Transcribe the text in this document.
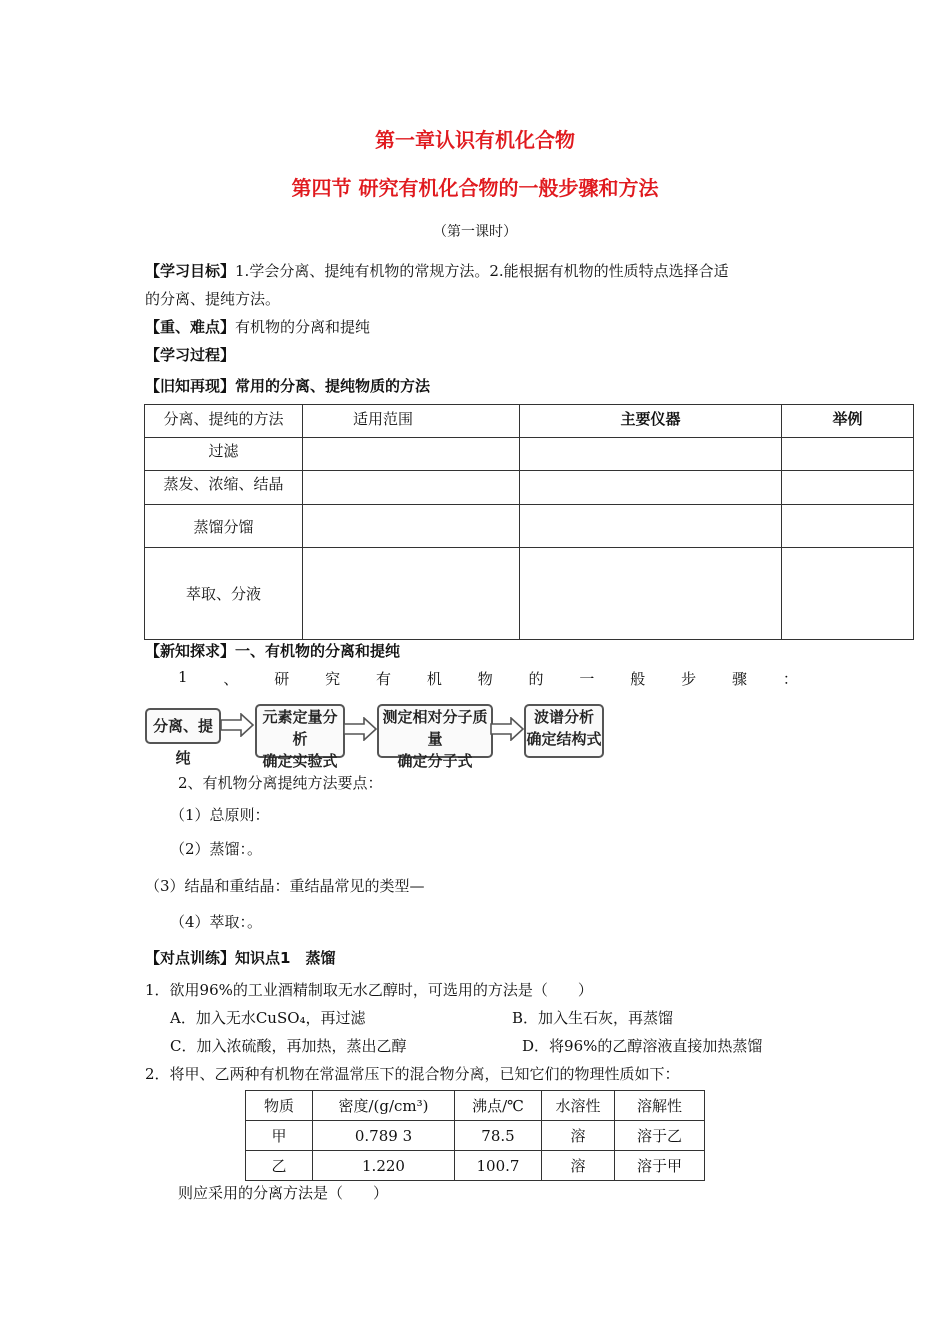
第一章认识有机化合物
第四节 研究有机化合物的一般步骤和方法
（第一课时）
【学习目标】1.学会分离、提纯有机物的常规方法。2.能根据有机物的性质特点选择合适
的分离、提纯方法。
【重、难点】有机物的分离和提纯
【学习过程】
【旧知再现】常用的分离、提纯物质的方法
分离、提纯的方法	适用范围	主要仪器	举例
过滤			
蒸发、浓缩、结晶			
蒸馏分馏			
萃取、分液			
【新知探求】一、有机物的分离和提纯
1 、 研 究 有 机 物 的 一 般 步 骤 ：
分离、提纯
元素定量分析
确定实验式
测定相对分子质量
确定分子式
波谱分析
确定结构式
2、有机物分离提纯方法要点：
（1）总原则：
（2）蒸馏：。
（3）结晶和重结晶：重结晶常见的类型—
（4）萃取：。
【对点训练】知识点1　蒸馏
1．欲用96%的工业酒精制取无水乙醇时，可选用的方法是（　　）
A．加入无水CuSO₄，再过滤	B．加入生石灰，再蒸馏
C．加入浓硫酸，再加热，蒸出乙醇	D．将96%的乙醇溶液直接加热蒸馏
2．将甲、乙两种有机物在常温常压下的混合物分离，已知它们的物理性质如下：
物质	密度/(g/cm³)	沸点/℃	水溶性	溶解性
甲	0.789 3	78.5	溶	溶于乙
乙	1.220	100.7	溶	溶于甲
则应采用的分离方法是（　　）
